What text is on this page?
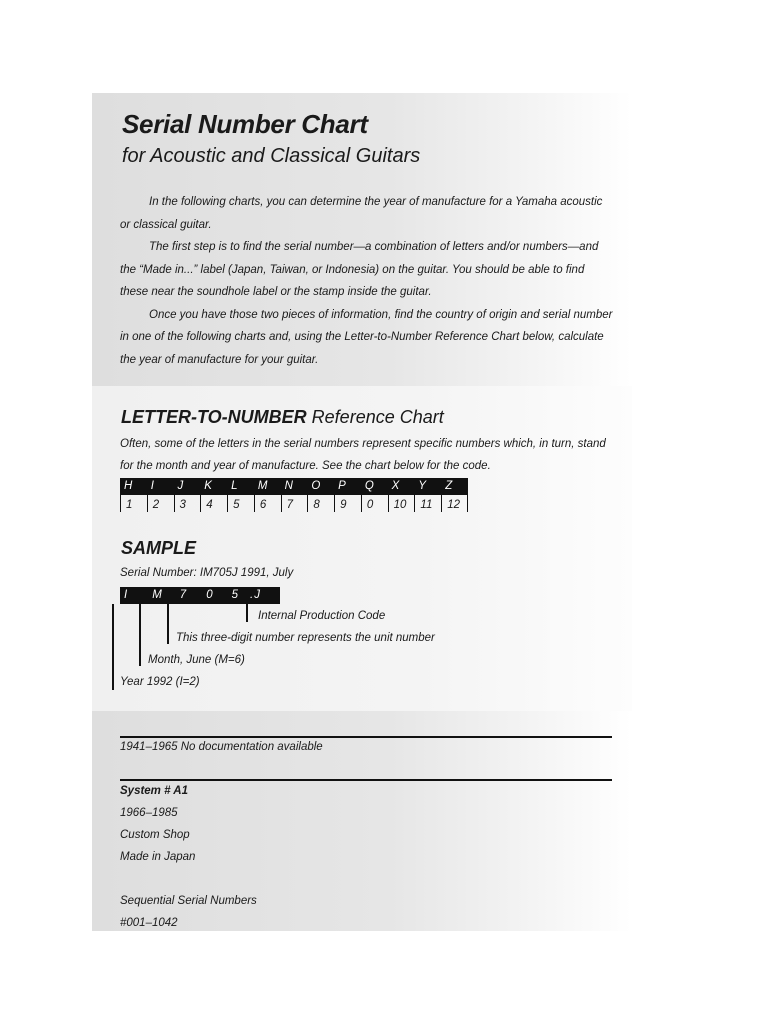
Serial Number Chart
for Acoustic and Classical Guitars

In the following charts, you can determine the year of manufacture for a Yamaha acoustic or classical guitar.

The first step is to find the serial number—a combination of letters and/or numbers—and the “Made in...” label (Japan, Taiwan, or Indonesia) on the guitar. You should be able to find these near the soundhole label or the stamp inside the guitar.

Once you have those two pieces of information, find the country of origin and serial number in one of the following charts and, using the Letter-to-Number Reference Chart below, calculate the year of manufacture for your guitar.

LETTER-TO-NUMBER Reference Chart
Often, some of the letters in the serial numbers represent specific numbers which, in turn, stand for the month and year of manufacture. See the chart below for the code.
H	I	J	K	L	M	N	O	P	Q	X	Y	Z
1	2	3	4	5	6	7	8	9	0	10	11	12
SAMPLE
Serial Number: IM705J 1991, July
I M 7 0 5 . J
Internal Production Code
This three-digit number represents the unit number
Month, June (M=6)
Year 1992 (I=2)
1941–1965 No documentation available
System # A1
1966–1985
Custom Shop
Made in Japan
Sequential Serial Numbers
#001–1042
